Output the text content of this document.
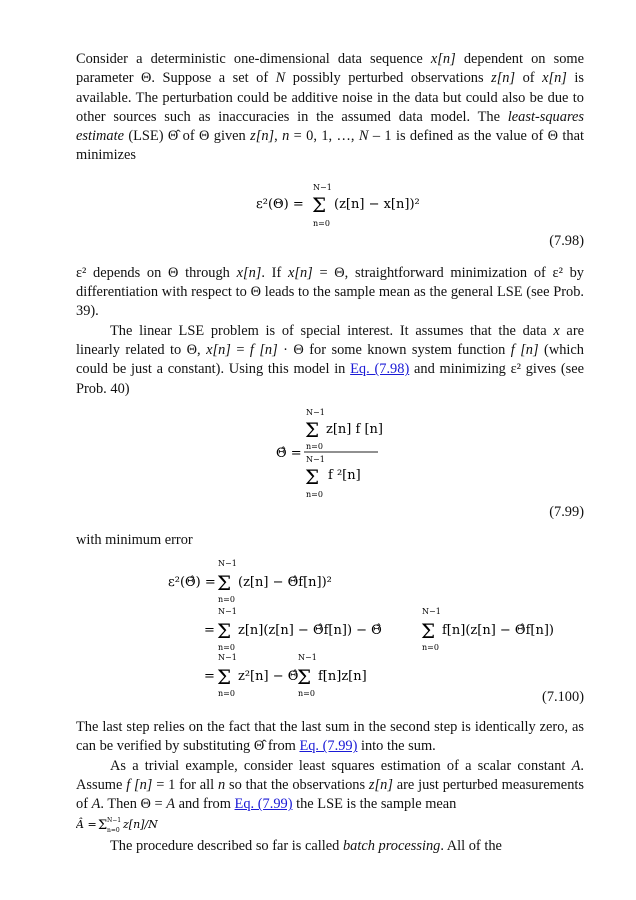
Consider a deterministic one-dimensional data sequence x[n] dependent on some parameter Θ. Suppose a set of N possibly perturbed observations z[n] of x[n] is available. The perturbation could be additive noise in the data but could also be due to other sources such as inaccuracies in the assumed data model. The least-squares estimate (LSE) Θ̂ of Θ given z[n], n = 0, 1, …, N – 1 is defined as the value of Θ that minimizes

ε²(Θ) =
N−1
Σ
n=0
(z[n] − x[n])²
(7.98)

ε² depends on Θ through x[n]. If x[n] = Θ, straightforward minimization of ε² by differentiation with respect to Θ leads to the sample mean as the general LSE (see Prob. 39).

The linear LSE problem is of special interest. It assumes that the data x are linearly related to Θ, x[n] = f [n] · Θ for some known system function f [n] (which could be just a constant). Using this model in Eq. (7.98) and minimizing ε² gives (see Prob. 40)

Θ̂ =
N−1
Σ
n=0
z[n] f [n]
N−1
Σ
n=0
f ²[n]
(7.99)

with minimum error

ε²(Θ̂) =
N−1
Σ
n=0
(z[n] − Θ̂f[n])²
=
N−1
Σ
n=0
z[n](z[n] − Θ̂f[n]) − Θ̂
N−1
Σ
n=0
f[n](z[n] − Θ̂f[n])
=
N−1
Σ
n=0
z²[n] − Θ̂
N−1
Σ
n=0
f[n]z[n]
(7.100)

The last step relies on the fact that the last sum in the second step is identically zero, as can be verified by substituting Θ̂ from Eq. (7.99) into the sum.

As a trivial example, consider least squares estimation of a scalar constant A. Assume f [n] = 1 for all n so that the observations z[n] are just perturbed measurements of A. Then Θ = A and from Eq. (7.99) the LSE is the sample mean

Â = Σ N−1
n=0 z[n]/N

The procedure described so far is called batch processing. All of the
